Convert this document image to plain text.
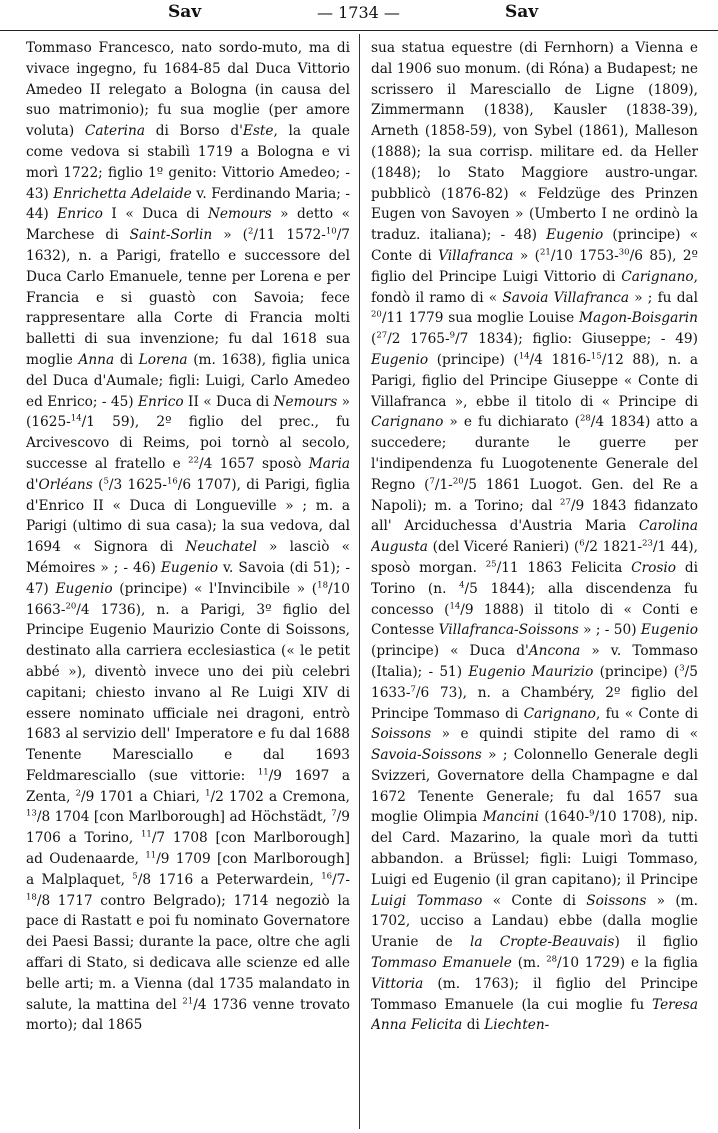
Sav	— 1734 —	Sav

Tommaso Francesco, nato sordo-muto, ma di vivace ingegno, fu 1684-85 dal Duca Vittorio Amedeo II relegato a Bologna (in causa del suo matrimonio); fu sua moglie (per amore voluta) Caterina di Borso d'Este, la quale come vedova si stabilì 1719 a Bologna e vi morì 1722; figlio 1º genito: Vittorio Amedeo; - 43) Enrichetta Adelaide v. Ferdinando Maria; - 44) Enrico I « Duca di Nemours » detto « Marchese di Saint-Sorlin » ($^2$/11 1572-$^{10}$/7 1632), n. a Parigi, fratello e successore del Duca Carlo Emanuele, tenne per Lorena e per Francia e si guastò con Savoia; fece rappresentare alla Corte di Francia molti balletti di sua invenzione; fu dal 1618 sua moglie Anna di Lorena (m. 1638), figlia unica del Duca d'Aumale; figli: Luigi, Carlo Amedeo ed Enrico; - 45) Enrico II « Duca di Nemours » (1625-$^{14}$/1 59), 2º figlio del prec., fu Arcivescovo di Reims, poi tornò al secolo, successe al fratello e $^{22}$/4 1657 sposò Maria d'Orléans ($^5$/3 1625-$^{16}$/6 1707), di Parigi, figlia d'Enrico II « Duca di Longueville » ; m. a Parigi (ultimo di sua casa); la sua vedova, dal 1694 « Signora di Neuchatel » lasciò « Mémoires » ; - 46) Eugenio v. Savoia (di 51); - 47) Eugenio (principe) « l'Invincibile » ($^{18}$/10 1663-$^{20}$/4 1736), n. a Parigi, 3º figlio del Principe Eugenio Maurizio Conte di Soissons, destinato alla carriera ecclesiastica (« le petit abbé »), diventò invece uno dei più celebri capitani; chiesto invano al Re Luigi XIV di essere nominato ufficiale nei dragoni, entrò 1683 al servizio dell' Imperatore e fu dal 1688 Tenente Maresciallo e dal 1693 Feldmaresciallo (sue vittorie: $^{11}$/9 1697 a Zenta, $^2$/9 1701 a Chiari, $^1$/2 1702 a Cremona, $^{13}$/8 1704 [con Marlborough] ad Höchstädt, $^7$/9 1706 a Torino, $^{11}$/7 1708 [con Marlborough] ad Oudenaarde, $^{11}$/9 1709 [con Marlborough] a Malplaquet, $^5$/8 1716 a Peterwardein, $^{16}$/7-$^{18}$/8 1717 contro Belgrado); 1714 negoziò la pace di Rastatt e poi fu nominato Governatore dei Paesi Bassi; durante la pace, oltre che agli affari di Stato, si dedicava alle scienze ed alle belle arti; m. a Vienna (dal 1735 malandato in salute, la mattina del $^{21}$/4 1736 venne trovato morto); dal 1865

sua statua equestre (di Fernhorn) a Vienna e dal 1906 suo monum. (di Róna) a Budapest; ne scrissero il Maresciallo de Ligne (1809), Zimmermann (1838), Kausler (1838-39), Arneth (1858-59), von Sybel (1861), Malleson (1888); la sua corrisp. militare ed. da Heller (1848); lo Stato Maggiore austro-ungar. pubblicò (1876-82) « Feldzüge des Prinzen Eugen von Savoyen » (Umberto I ne ordinò la traduz. italiana); - 48) Eugenio (principe) « Conte di Villafranca » ($^{21}$/10 1753-$^{30}$/6 85), 2º figlio del Principe Luigi Vittorio di Carignano, fondò il ramo di « Savoia Villafranca » ; fu dal $^{20}$/11 1779 sua moglie Louise Magon-Boisgarin ($^{27}$/2 1765-$^9$/7 1834); figlio: Giuseppe; - 49) Eugenio (principe) ($^{14}$/4 1816-$^{15}$/12 88), n. a Parigi, figlio del Principe Giuseppe « Conte di Villafranca », ebbe il titolo di « Principe di Carignano » e fu dichiarato ($^{28}$/4 1834) atto a succedere; durante le guerre per l'indipendenza fu Luogotenente Generale del Regno ($^7$/1-$^{20}$/5 1861 Luogot. Gen. del Re a Napoli); m. a Torino; dal $^{27}$/9 1843 fidanzato all' Arciduchessa d'Austria Maria Carolina Augusta (del Viceré Ranieri) ($^6$/2 1821-$^{23}$/1 44), sposò morgan. $^{25}$/11 1863 Felicita Crosio di Torino (n. $^4$/5 1844); alla discendenza fu concesso ($^{14}$/9 1888) il titolo di « Conti e Contesse Villafranca-Soissons » ; - 50) Eugenio (principe) « Duca d'Ancona » v. Tommaso (Italia); - 51) Eugenio Maurizio (principe) ($^3$/5 1633-$^7$/6 73), n. a Chambéry, 2º figlio del Principe Tommaso di Carignano, fu « Conte di Soissons » e quindi stipite del ramo di « Savoia-Soissons » ; Colonnello Generale degli Svizzeri, Governatore della Champagne e dal 1672 Tenente Generale; fu dal 1657 sua moglie Olimpia Mancini (1640-$^9$/10 1708), nip. del Card. Mazarino, la quale morì da tutti abbandon. a Brüssel; figli: Luigi Tommaso, Luigi ed Eugenio (il gran capitano); il Principe Luigi Tommaso « Conte di Soissons » (m. 1702, ucciso a Landau) ebbe (dalla moglie Uranie de la Cropte-Beauvais) il figlio Tommaso Emanuele (m. $^{28}$/10 1729) e la figlia Vittoria (m. 1763); il figlio del Principe Tommaso Emanuele (la cui moglie fu Teresa Anna Felicita di Liechten-
